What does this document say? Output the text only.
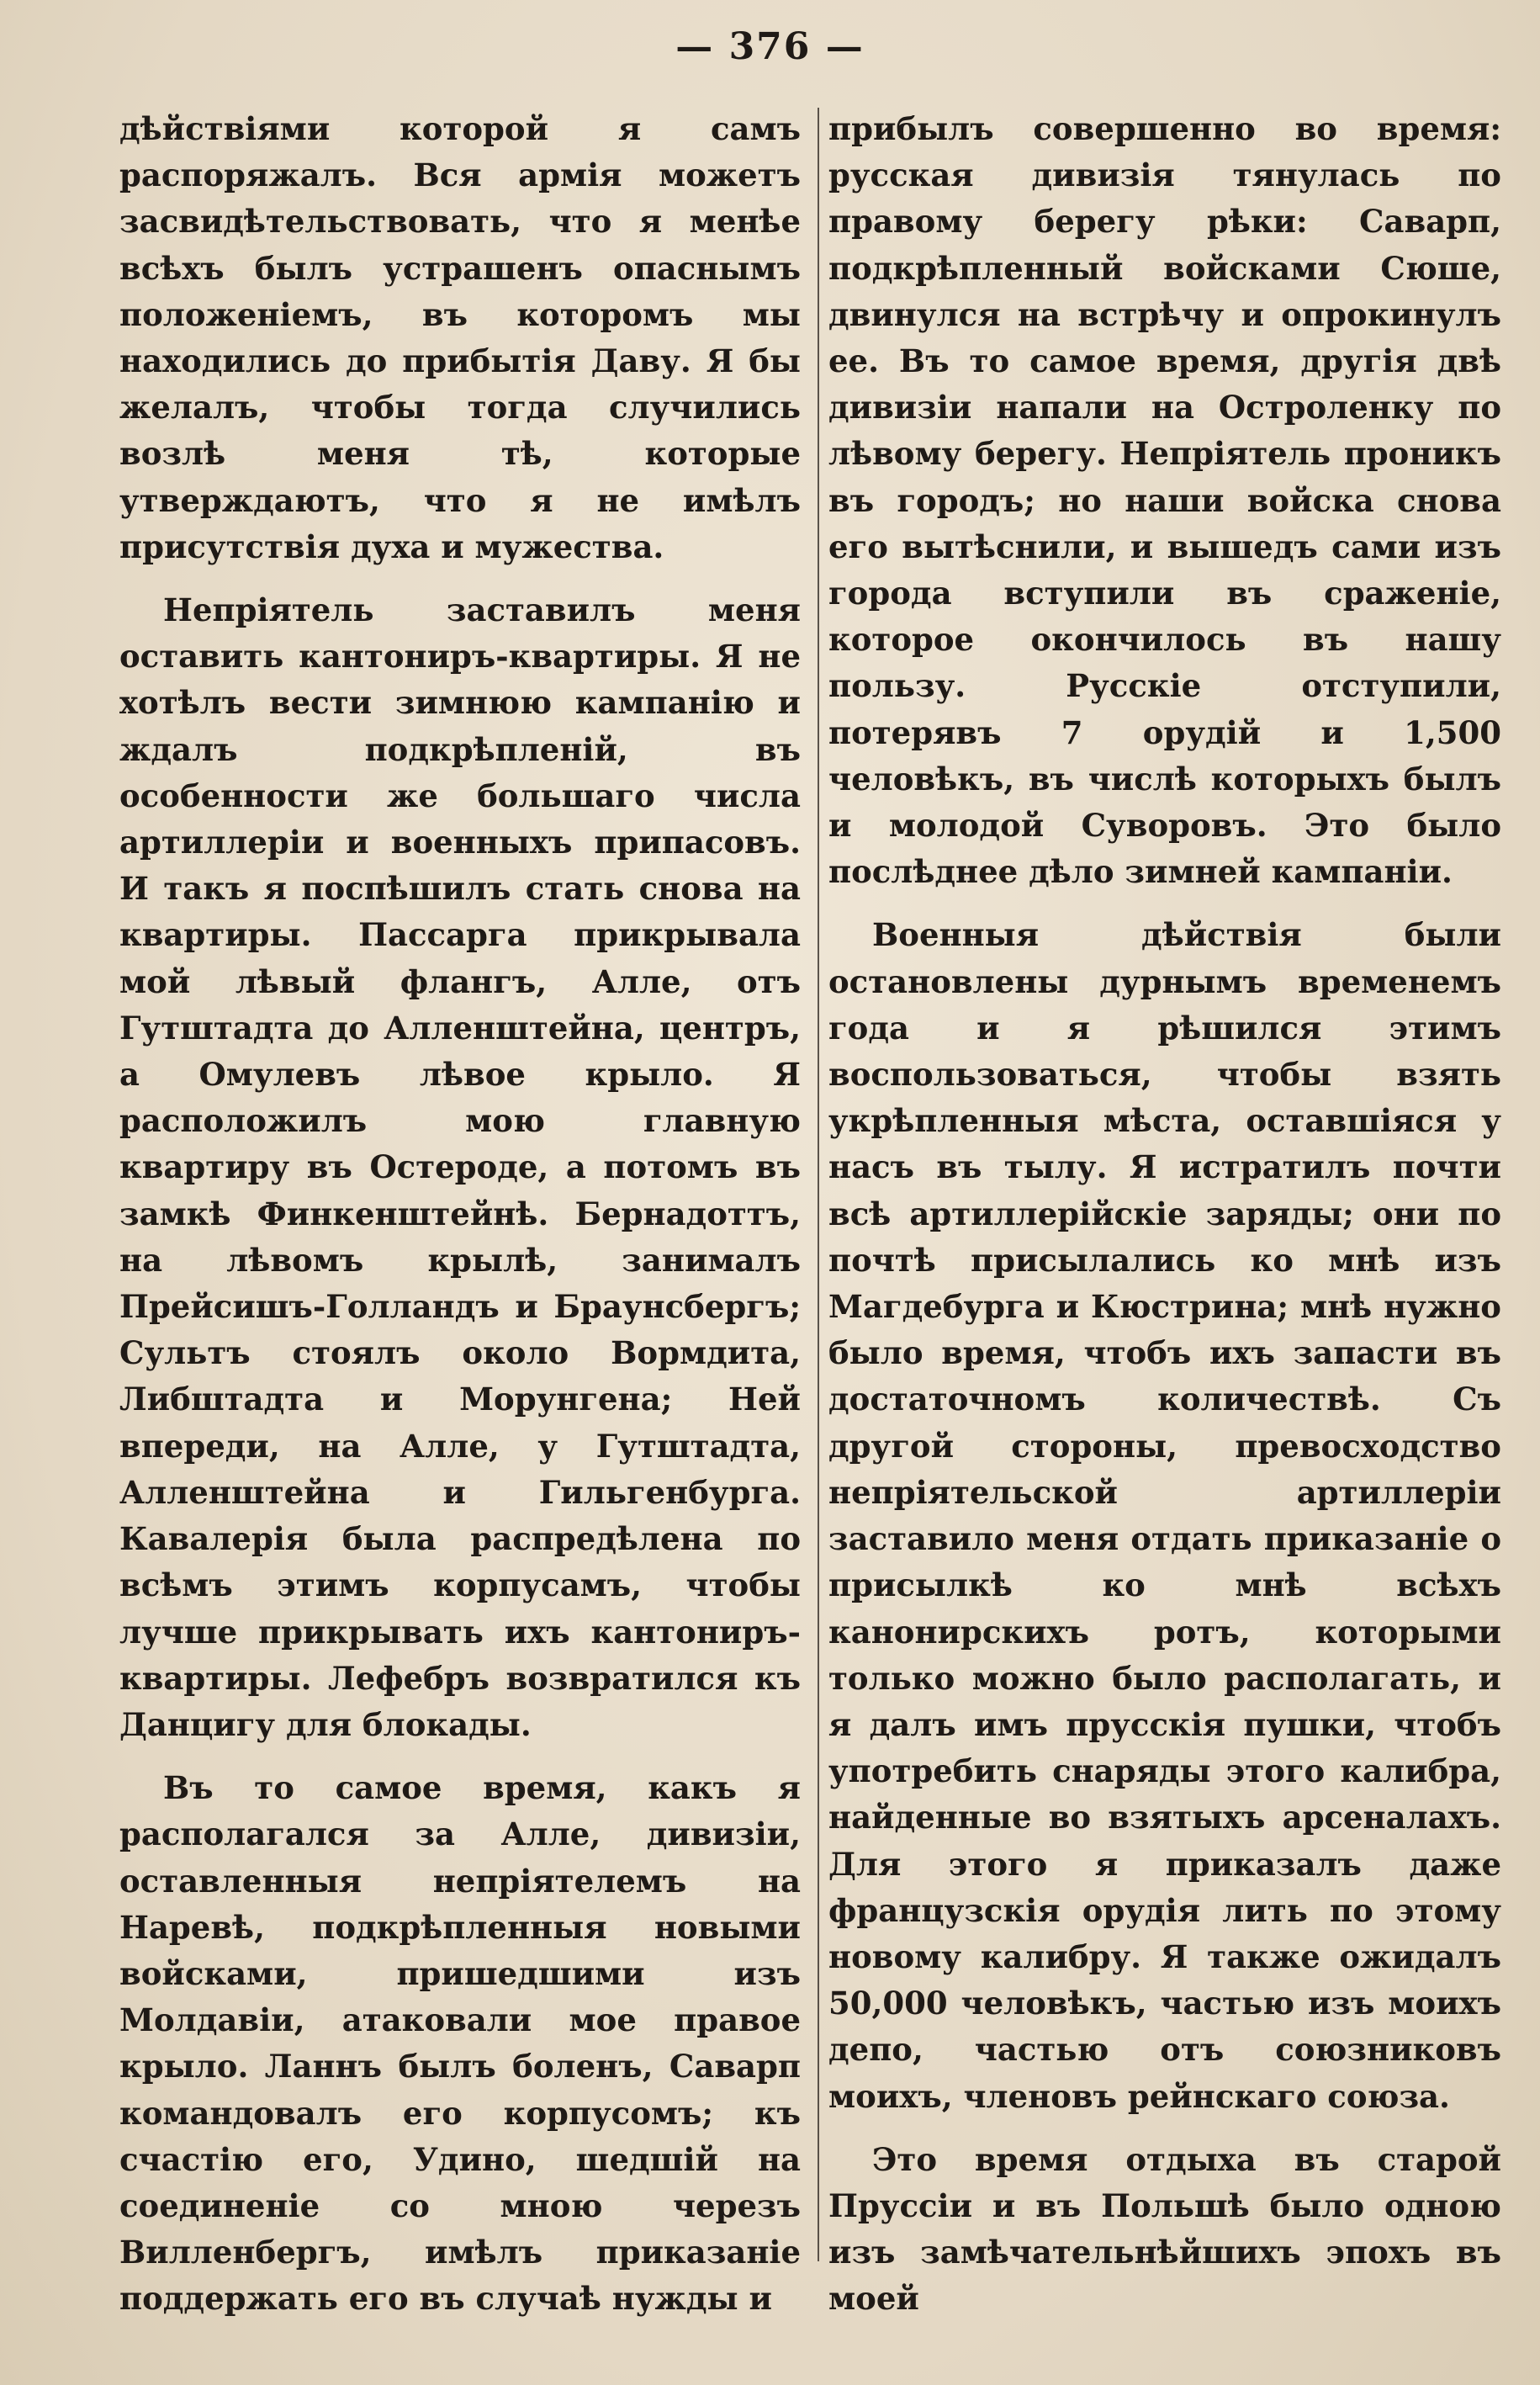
— 376 —

дѣйствіями которой я самъ распоряжалъ. Вся армія можетъ засвидѣтельствовать, что я менѣе всѣхъ былъ устрашенъ опаснымъ положеніемъ, въ которомъ мы находились до прибытія Даву. Я бы желалъ, чтобы тогда случились возлѣ меня тѣ, которые утверждаютъ, что я не имѣлъ присутствія духа и мужества.

Непріятель заставилъ меня оставить кантониръ-квартиры. Я не хотѣлъ вести зимнюю кампанію и ждалъ подкрѣпленій, въ особенности же большаго числа артиллеріи и военныхъ припасовъ. И такъ я поспѣшилъ стать снова на квартиры. Пассарга прикрывала мой лѣвый флангъ, Алле, отъ Гутштадта до Алленштейна, центръ, а Омулевъ лѣвое крыло. Я расположилъ мою главную квартиру въ Остероде, а потомъ въ замкѣ Финкенштейнѣ. Бернадоттъ, на лѣвомъ крылѣ, занималъ Прейсишъ-Голландъ и Браунсбергъ; Сультъ стоялъ около Вормдита, Либштадта и Морунгена; Ней впереди, на Алле, у Гутштадта, Алленштейна и Гильгенбурга. Кавалерія была распредѣлена по всѣмъ этимъ корпусамъ, чтобы лучше прикрывать ихъ кантониръ-квартиры. Лефебръ возвратился къ Данцигу для блокады.

Въ то самое время, какъ я располагался за Алле, дивизіи, оставленныя непріятелемъ на Наревѣ, подкрѣпленныя новыми войсками, пришедшими изъ Молдавіи, атаковали мое правое крыло. Ланнъ былъ боленъ, Саварп командовалъ его корпусомъ; къ счастію его, Удино, шедшій на соединеніе со мною черезъ Вилленбергъ, имѣлъ приказаніе поддержать его въ случаѣ нужды и

прибылъ совершенно во время: русская дивизія тянулась по правому берегу рѣки: Саварп, подкрѣпленный войсками Сюше, двинулся на встрѣчу и опрокинулъ ее. Въ то самое время, другія двѣ дивизіи напали на Остроленку по лѣвому берегу. Непріятель проникъ въ городъ; но наши войска снова его вытѣснили, и вышедъ сами изъ города вступили въ сраженіе, которое окончилось въ нашу пользу. Русскіе отступили, потерявъ 7 орудій и 1,500 человѣкъ, въ числѣ которыхъ былъ и молодой Суворовъ. Это было послѣднее дѣло зимней кампаніи.

Военныя дѣйствія были остановлены дурнымъ временемъ года и я рѣшился этимъ воспользоваться, чтобы взять укрѣпленныя мѣста, оставшіяся у насъ въ тылу. Я истратилъ почти всѣ артиллерійскіе заряды; они по почтѣ присылались ко мнѣ изъ Магдебурга и Кюстрина; мнѣ нужно было время, чтобъ ихъ запасти въ достаточномъ количествѣ. Съ другой стороны, превосходство непріятельской артиллеріи заставило меня отдать приказаніе о присылкѣ ко мнѣ всѣхъ канонирскихъ ротъ, которыми только можно было располагать, и я далъ имъ прусскія пушки, чтобъ употребить снаряды этого калибра, найденные во взятыхъ арсеналахъ. Для этого я приказалъ даже французскія орудія лить по этому новому калибру. Я также ожидалъ 50,000 человѣкъ, частью изъ моихъ депо, частью отъ союзниковъ моихъ, членовъ рейнскаго союза.

Это время отдыха въ старой Пруссіи и въ Польшѣ было одною изъ замѣчательнѣйшихъ эпохъ въ моей
